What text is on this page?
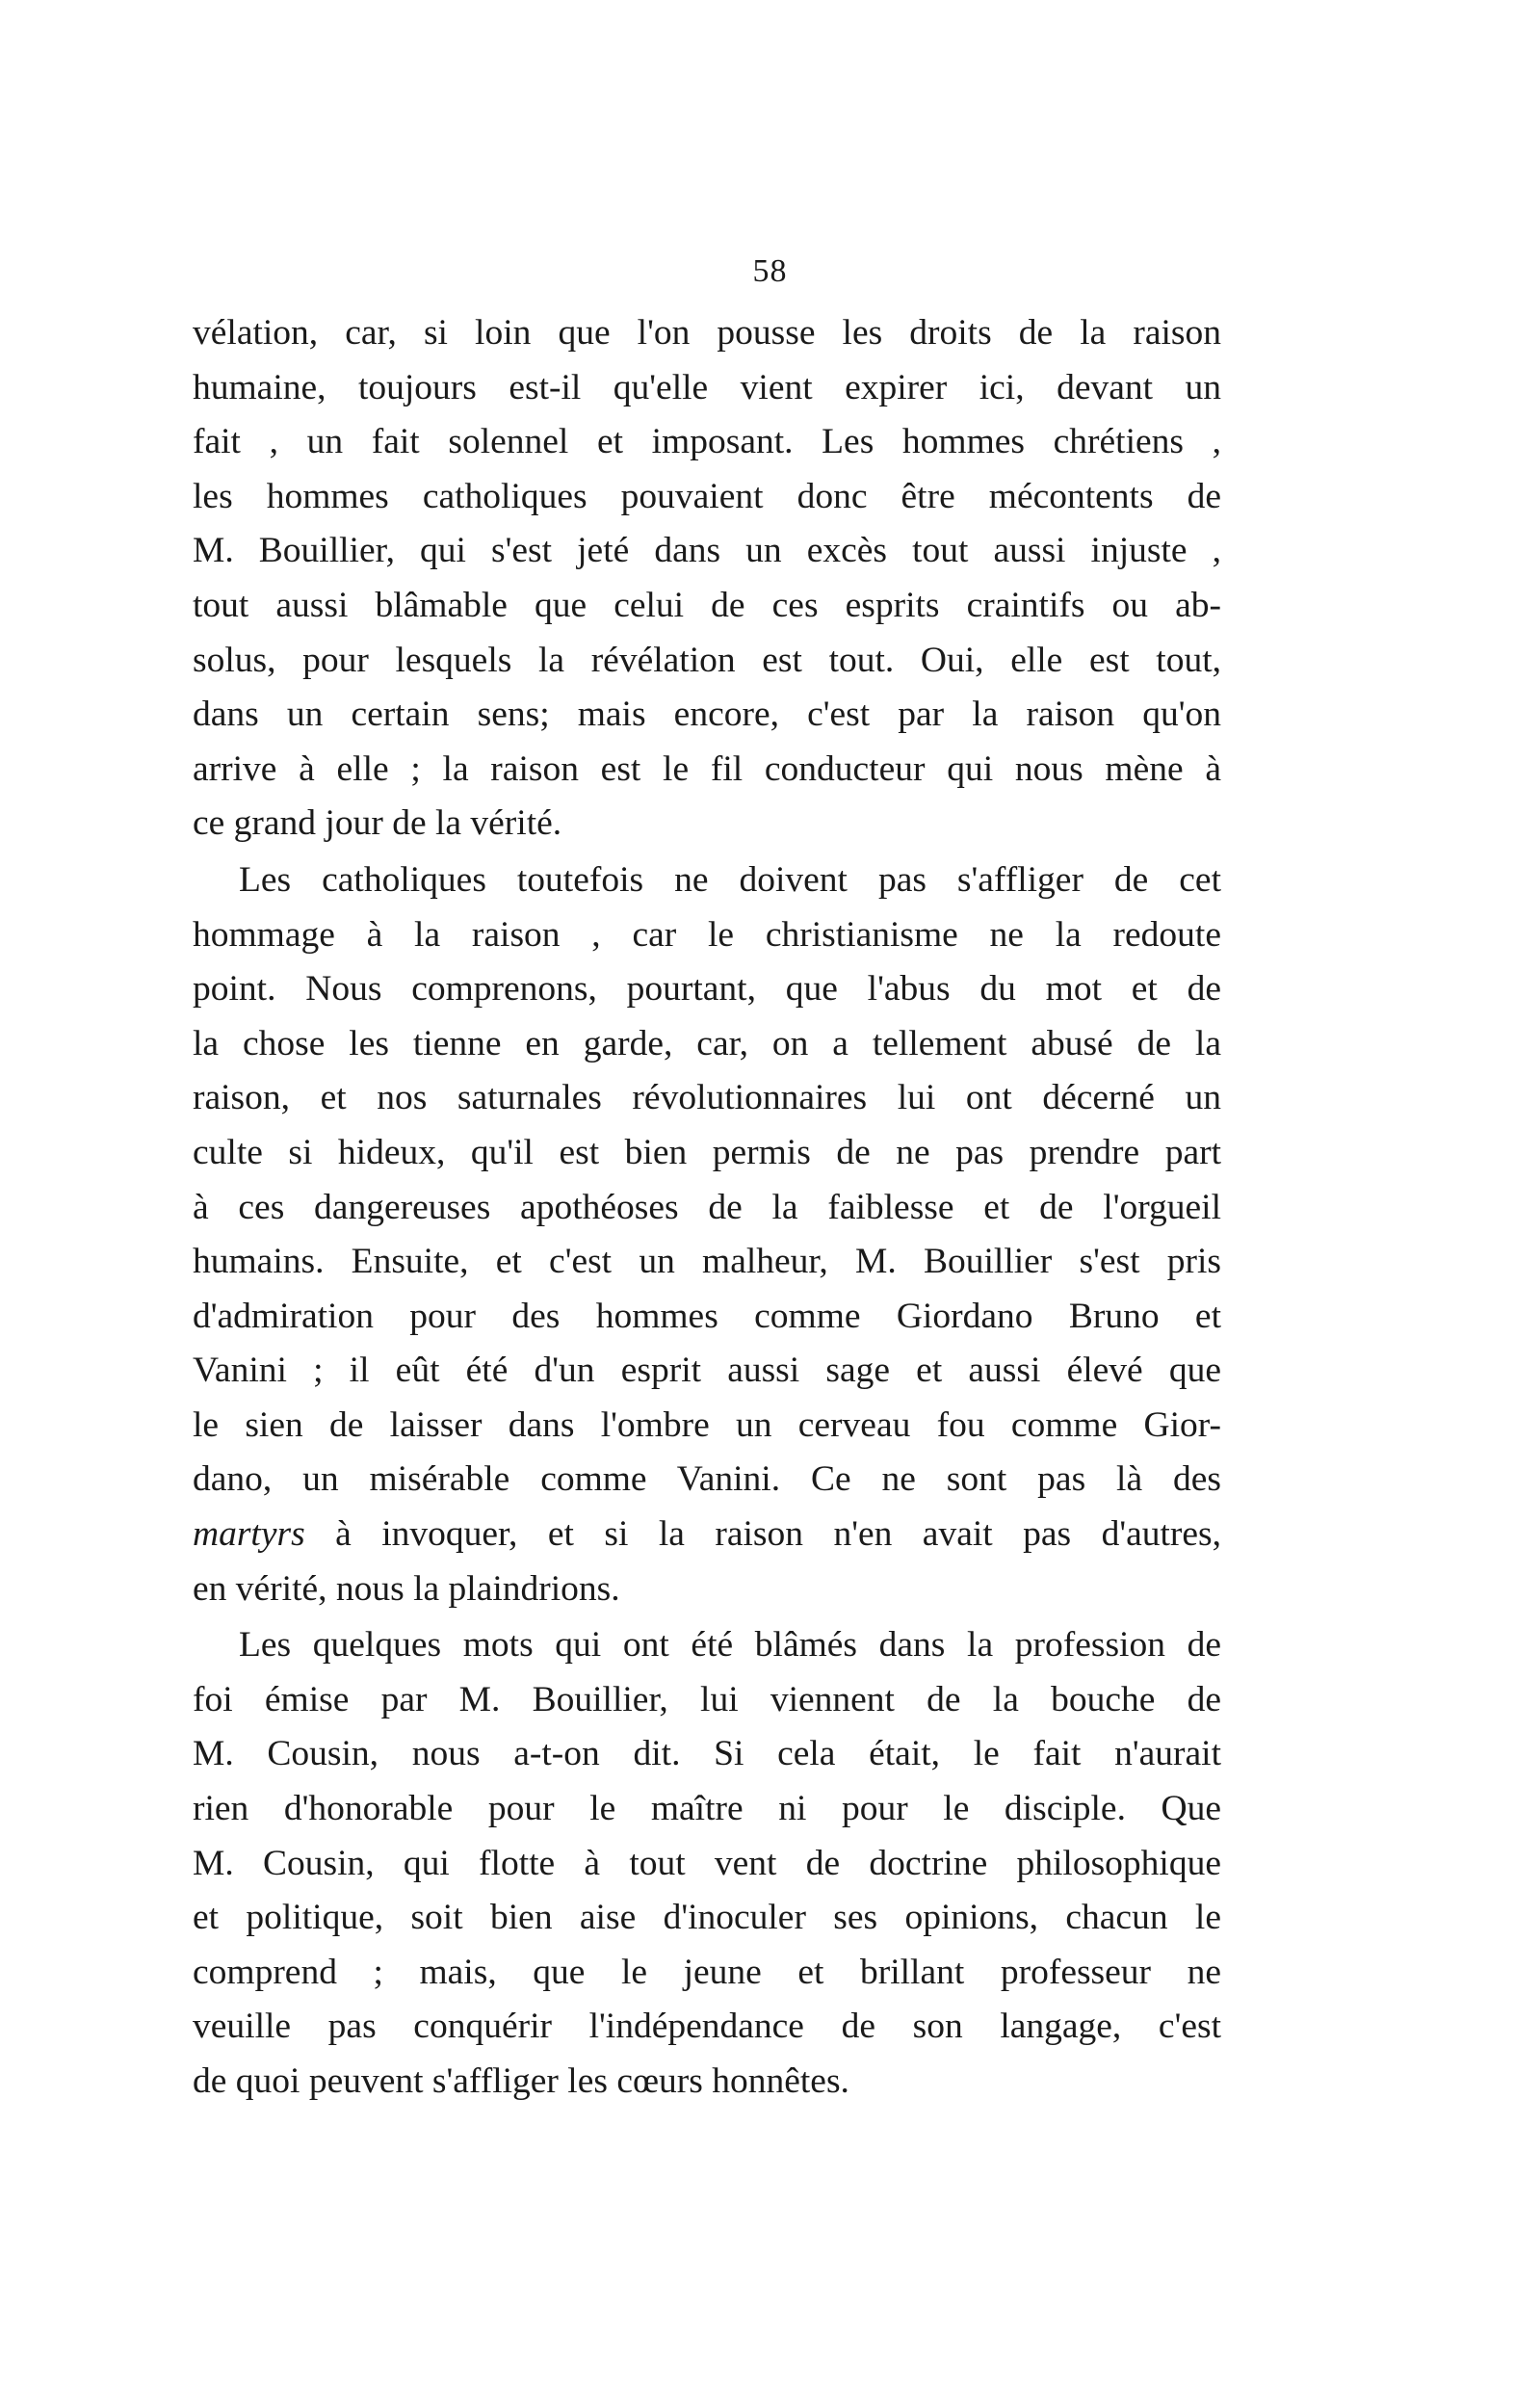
58
vélation, car, si loin que l'on pousse les droits de la raison
humaine, toujours est-il qu'elle vient expirer ici, devant un
fait , un fait solennel et imposant. Les hommes chrétiens ,
les hommes catholiques pouvaient donc être mécontents de
M. Bouillier, qui s'est jeté dans un excès tout aussi injuste ,
tout aussi blâmable que celui de ces esprits craintifs ou ab-
solus, pour lesquels la révélation est tout. Oui, elle est tout,
dans un certain sens; mais encore, c'est par la raison qu'on
arrive à elle ; la raison est le fil conducteur qui nous mène à
ce grand jour de la vérité.
Les catholiques toutefois ne doivent pas s'affliger de cet
hommage à la raison , car le christianisme ne la redoute
point. Nous comprenons, pourtant, que l'abus du mot et de
la chose les tienne en garde, car, on a tellement abusé de la
raison, et nos saturnales révolutionnaires lui ont décerné un
culte si hideux, qu'il est bien permis de ne pas prendre part
à ces dangereuses apothéoses de la faiblesse et de l'orgueil
humains. Ensuite, et c'est un malheur, M. Bouillier s'est pris
d'admiration pour des hommes comme Giordano Bruno et
Vanini ; il eût été d'un esprit aussi sage et aussi élevé que
le sien de laisser dans l'ombre un cerveau fou comme Gior-
dano, un misérable comme Vanini. Ce ne sont pas là des
martyrs à invoquer, et si la raison n'en avait pas d'autres,
en vérité, nous la plaindrions.
Les quelques mots qui ont été blâmés dans la profession de
foi émise par M. Bouillier, lui viennent de la bouche de
M. Cousin, nous a-t-on dit. Si cela était, le fait n'aurait
rien d'honorable pour le maître ni pour le disciple. Que
M. Cousin, qui flotte à tout vent de doctrine philosophique
et politique, soit bien aise d'inoculer ses opinions, chacun le
comprend ; mais, que le jeune et brillant professeur ne
veuille pas conquérir l'indépendance de son langage, c'est
de quoi peuvent s'affliger les cœurs honnêtes.
